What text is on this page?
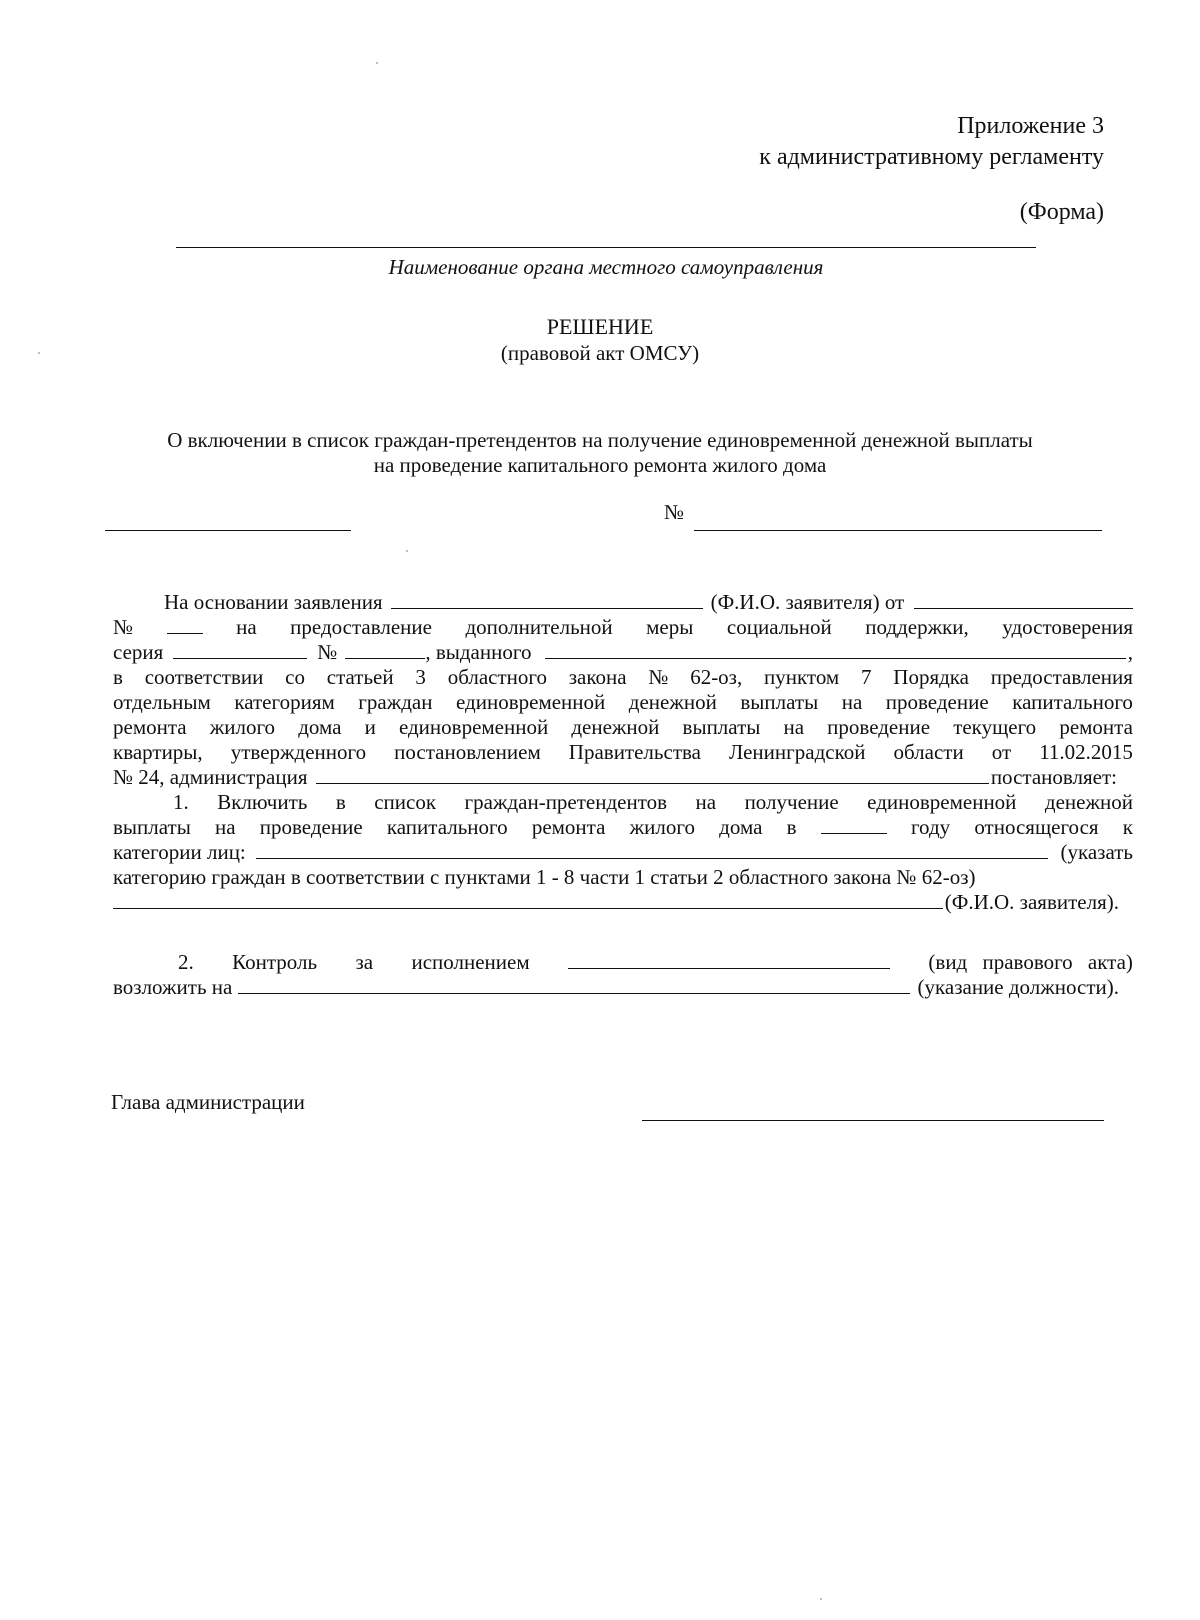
Приложение 3
к административному регламенту
(Форма)
Наименование органа местного самоуправления
РЕШЕНИЕ
(правовой акт ОМСУ)
О включении в список граждан-претендентов на получение единовременной денежной выплаты
на проведение капитального ремонта жилого дома
№
На основании заявления	(Ф.И.О. заявителя) от
№	на предоставление дополнительной меры социальной поддержки, удостоверения
серия	№	, выданного	,
в соответствии со статьей 3 областного закона № 62-оз, пунктом 7 Порядка предоставления
отдельным категориям граждан единовременной денежной выплаты на проведение капитального
ремонта жилого дома и единовременной денежной выплаты на проведение текущего ремонта
квартиры, утвержденного постановлением Правительства Ленинградской области от 11.02.2015
№ 24, администрация	постановляет:
1. Включить в список граждан-претендентов на получение единовременной денежной
выплаты на проведение капитального ремонта жилого дома в	году относящегося к
категории лиц:	(указать
категорию граждан в соответствии с пунктами 1 - 8 части 1 статьи 2 областного закона № 62-оз)
(Ф.И.О. заявителя).
2. Контроль за исполнением	(вид правового акта)
возложить на	(указание должности).
Глава администрации
